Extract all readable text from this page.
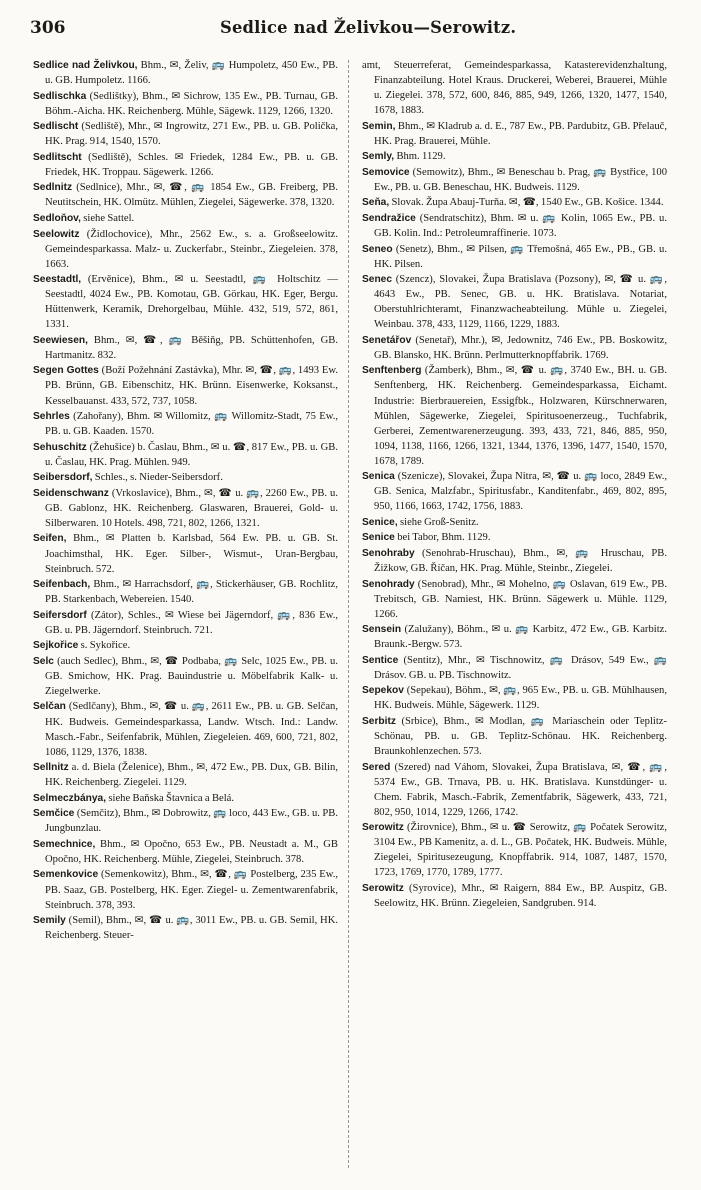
306	Sedlice nad Želivkou—Serowitz.

Sedlice nad Želivkou, Bhm., ✉, Želiv, 🚌 Humpoletz, 450 Ew., PB. u. GB. Humpoletz. 1166.

Sedlischka (Sedlištky), Bhm., ✉ Sichrow, 135 Ew., PB. Turnau, GB. Böhm.-Aicha. HK. Reichenberg. Mühle, Sägewk. 1129, 1266, 1320.

Sedlischt (Sedliště), Mhr., ✉ Ingrowitz, 271 Ew., PB. u. GB. Polička, HK. Prag. 914, 1540, 1570.

Sedlitscht (Sedliště), Schles. ✉ Friedek, 1284 Ew., PB. u. GB. Friedek, HK. Troppau. Sägewerk. 1266.

Sedlnitz (Sedlnice), Mhr., ✉, ☎, 🚌 1854 Ew., GB. Freiberg, PB. Neutitschein, HK. Olmütz. Mühlen, Ziegelei, Sägewerke. 378, 1320.

Sedloňov, siehe Sattel.

Seelowitz (Židlochovice), Mhr., 2562 Ew., s. a. Großseelowitz. Gemeindesparkassa. Malz- u. Zuckerfabr., Steinbr., Ziegeleien. 378, 1663.

Seestadtl, (Ervěnice), Bhm., ✉ u. Seestadtl, 🚌 Holtschitz — Seestadtl, 4024 Ew., PB. Komotau, GB. Görkau, HK. Eger, Bergu. Hüttenwerk, Keramik, Drehorgelbau, Mühle. 432, 519, 572, 861, 1331.

Seewiesen, Bhm., ✉, ☎, 🚌 Běšiňg, PB. Schüttenhofen, GB. Hartmanitz. 832.

Segen Gottes (Boží Požehnání Zastávka), Mhr. ✉, ☎, 🚌, 1493 Ew. PB. Brünn, GB. Eibenschitz, HK. Brünn. Eisenwerke, Koksanst., Kesselbauanst. 433, 572, 737, 1058.

Sehrles (Zahořany), Bhm. ✉ Willomitz, 🚌 Willomitz-Stadt, 75 Ew., PB. u. GB. Kaaden. 1570.

Sehuschitz (Žehušice) b. Časlau, Bhm., ✉ u. ☎, 817 Ew., PB. u. GB. u. Časlau, HK. Prag. Mühlen. 949.

Seibersdorf, Schles., s. Nieder-Seibersdorf.

Seidenschwanz (Vrkoslavice), Bhm., ✉, ☎ u. 🚌, 2260 Ew., PB. u. GB. Gablonz, HK. Reichenberg. Glaswaren, Brauerei, Gold- u. Silberwaren. 10 Hotels. 498, 721, 802, 1266, 1321.

Seifen, Bhm., ✉ Platten b. Karlsbad, 564 Ew. PB. u. GB. St. Joachimsthal, HK. Eger. Silber-, Wismut-, Uran-Bergbau, Steinbruch. 572.

Seifenbach, Bhm., ✉ Harrachsdorf, 🚌, Stickerhäuser, GB. Rochlitz, PB. Starkenbach, Webereien. 1540.

Seifersdorf (Zátor), Schles., ✉ Wiese bei Jägerndorf, 🚌, 836 Ew., GB. u. PB. Jägerndorf. Steinbruch. 721.

Sejkořice s. Sykořice.

Selc (auch Sedlec), Bhm., ✉, ☎ Podbaba, 🚌 Selc, 1025 Ew., PB. u. GB. Smichow, HK. Prag. Bauindustrie u. Möbelfabrik Kalk- u. Ziegelwerke.

Selčan (Sedlčany), Bhm., ✉, ☎ u. 🚌, 2611 Ew., PB. u. GB. Selčan, HK. Budweis. Gemeindesparkassa, Landw. Wtsch. Ind.: Landw. Masch.-Fabr., Seifenfabrik, Mühlen, Ziegeleien. 469, 600, 721, 802, 1086, 1129, 1376, 1838.

Sellnitz a. d. Biela (Želenice), Bhm., ✉, 472 Ew., PB. Dux, GB. Bilin, HK. Reichenberg. Ziegelei. 1129.

Selmeczbánya, siehe Baňska Štavnica a Belá.

Semčice (Semčitz), Bhm., ✉ Dobrowitz, 🚌 loco, 443 Ew., GB. u. PB. Jungbunzlau.

Semechnice, Bhm., ✉ Opočno, 653 Ew., PB. Neustadt a. M., GB Opočno, HK. Reichenberg. Mühle, Ziegelei, Steinbruch. 378.

Semenkovice (Semenkowitz), Bhm., ✉, ☎, 🚌 Postelberg, 235 Ew., PB. Saaz, GB. Postelberg, HK. Eger. Ziegel- u. Zementwarenfabrik, Steinbruch. 378, 393.

Semily (Semil), Bhm., ✉, ☎ u. 🚌, 3011 Ew., PB. u. GB. Semil, HK. Reichenberg. Steuer-

amt, Steuerreferat, Gemeindesparkassa, Katasterevidenzhaltung, Finanzabteilung. Hotel Kraus. Druckerei, Weberei, Brauerei, Mühle u. Ziegelei. 378, 572, 600, 846, 885, 949, 1266, 1320, 1477, 1540, 1678, 1883.

Semin, Bhm., ✉ Kladrub a. d. E., 787 Ew., PB. Pardubitz, GB. Přelauč, HK. Prag. Brauerei, Mühle.

Semly, Bhm. 1129.

Semovice (Semowitz), Bhm., ✉ Beneschau b. Prag, 🚌 Bystřice, 100 Ew., PB. u. GB. Beneschau, HK. Budweis. 1129.

Seňa, Slovak. Župa Abauj-Turňa. ✉, ☎, 1540 Ew., GB. Košice. 1344.

Sendražice (Sendratschitz), Bhm. ✉ u. 🚌 Kolin, 1065 Ew., PB. u. GB. Kolin. Ind.: Petroleumraffinerie. 1073.

Seneo (Senetz), Bhm., ✉ Pilsen, 🚌 Třemošná, 465 Ew., PB., GB. u. HK. Pilsen.

Senec (Szencz), Slovakei, Župa Bratislava (Pozsony), ✉, ☎ u. 🚌, 4643 Ew., PB. Senec, GB. u. HK. Bratislava. Notariat, Oberstuhlrichteramt, Finanzwacheabteilung. Mühle u. Ziegelei, Weinbau. 378, 433, 1129, 1166, 1229, 1883.

Senetářov (Senetař), Mhr.), ✉, Jedownitz, 746 Ew., PB. Boskowitz, GB. Blansko, HK. Brünn. Perlmutterknopffabrik. 1769.

Senftenberg (Žamberk), Bhm., ✉, ☎ u. 🚌, 3740 Ew., BH. u. GB. Senftenberg, HK. Reichenberg. Gemeindesparkassa, Eichamt. Industrie: Bierbrauereien, Essigfbk., Holzwaren, Kürschnerwaren, Mühlen, Sägewerke, Ziegelei, Spiritusoenerzeug., Tuchfabrik, Gerberei, Zementwarenerzeugung. 393, 433, 721, 846, 885, 950, 1094, 1138, 1166, 1266, 1321, 1344, 1376, 1396, 1477, 1540, 1570, 1678, 1789.

Senica (Szenicze), Slovakei, Župa Nitra, ✉, ☎ u. 🚌 loco, 2849 Ew., GB. Senica, Malzfabr., Spiritusfabr., Kanditenfabr., 469, 802, 895, 950, 1166, 1663, 1742, 1756, 1883.

Senice, siehe Groß-Senitz.

Senice bei Tabor, Bhm. 1129.

Senohraby (Senohrab-Hruschau), Bhm., ✉, 🚌 Hruschau, PB. Žižkow, GB. Říčan, HK. Prag. Mühle, Steinbr., Ziegelei.

Senohrady (Senobrad), Mhr., ✉ Mohelno, 🚌 Oslavan, 619 Ew., PB. Trebitsch, GB. Namiest, HK. Brünn. Sägewerk u. Mühle. 1129, 1266.

Sensein (Zalužany), Böhm., ✉ u. 🚌 Karbitz, 472 Ew., GB. Karbitz. Braunk.-Bergw. 573.

Sentice (Sentitz), Mhr., ✉ Tischnowitz, 🚌 Drásov, 549 Ew., 🚌 Drásov. GB. u. PB. Tischnowitz.

Sepekov (Sepekau), Böhm., ✉, 🚌, 965 Ew., PB. u. GB. Mühlhausen, HK. Budweis. Mühle, Sägewerk. 1129.

Serbitz (Srbice), Bhm., ✉ Modlan, 🚌 Mariaschein oder Teplitz-Schönau, PB. u. GB. Teplitz-Schönau. HK. Reichenberg. Braunkohlenzechen. 573.

Sered (Szered) nad Váhom, Slovakei, Župa Bratislava, ✉, ☎, 🚌, 5374 Ew., GB. Trnava, PB. u. HK. Bratislava. Kunstdünger- u. Chem. Fabrik, Masch.-Fabrik, Zementfabrik, Sägewerk, 433, 721, 802, 950, 1014, 1229, 1266, 1742.

Serowitz (Žirovnice), Bhm., ✉ u. ☎ Serowitz, 🚌 Počatek Serowitz, 3104 Ew., PB Kamenitz, a. d. L., GB. Počatek, HK. Budweis. Mühle, Ziegelei, Spiritusezeugung, Knopffabrik. 914, 1087, 1487, 1570, 1723, 1769, 1770, 1789, 1777.

Serowitz (Syrovice), Mhr., ✉ Raigern, 884 Ew., BP. Auspitz, GB. Seelowitz, HK. Brünn. Ziegeleien, Sandgruben. 914.
